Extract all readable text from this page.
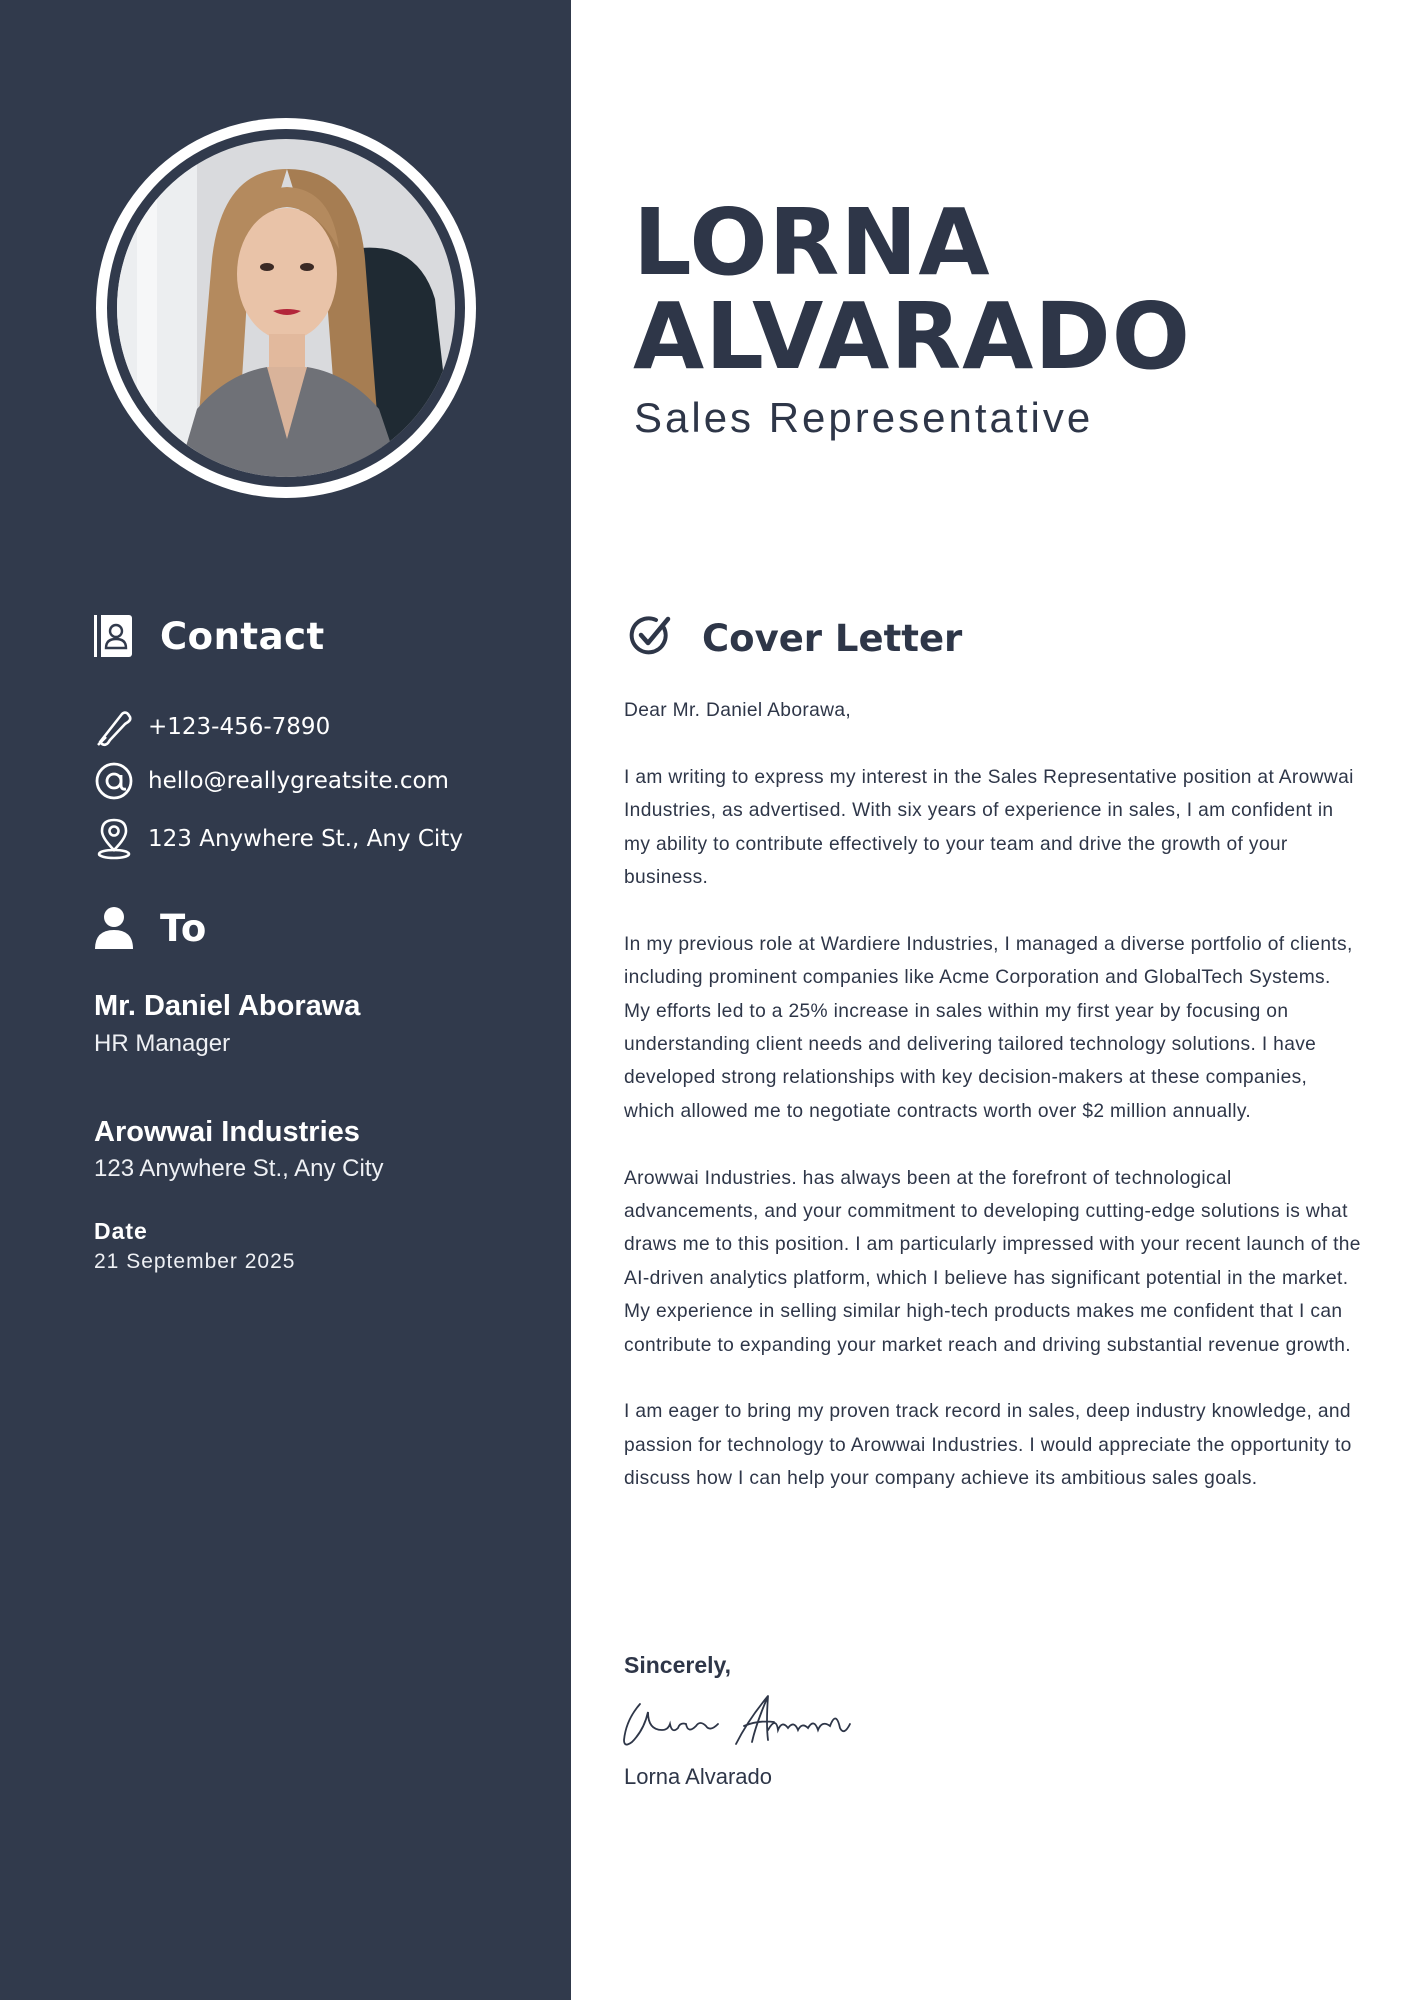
Contact
+123-456-7890
hello@reallygreatsite.com
123 Anywhere St., Any City
To
Mr. Daniel Aborawa
HR Manager
Arowwai Industries
123 Anywhere St., Any City
Date
21 September 2025
LORNA
ALVARADO
Sales Representative
Cover Letter

Dear Mr. Daniel Aborawa,

I am writing to express my interest in the Sales Representative position at Arowwai Industries, as advertised. With six years of experience in sales, I am confident in my ability to contribute effectively to your team and drive the growth of your business.

In my previous role at Wardiere Industries, I managed a diverse portfolio of clients, including prominent companies like Acme Corporation and GlobalTech Systems. My efforts led to a 25% increase in sales within my first year by focusing on understanding client needs and delivering tailored technology solutions. I have developed strong relationships with key decision-makers at these companies, which allowed me to negotiate contracts worth over $2 million annually.

Arowwai Industries. has always been at the forefront of technological advancements, and your commitment to developing cutting-edge solutions is what draws me to this position. I am particularly impressed with your recent launch of the AI-driven analytics platform, which I believe has significant potential in the market. My experience in selling similar high-tech products makes me confident that I can contribute to expanding your market reach and driving substantial revenue growth.

I am eager to bring my proven track record in sales, deep industry knowledge, and passion for technology to Arowwai Industries. I would appreciate the opportunity to discuss how I can help your company achieve its ambitious sales goals.

Sincerely,
Lorna Alvarado
